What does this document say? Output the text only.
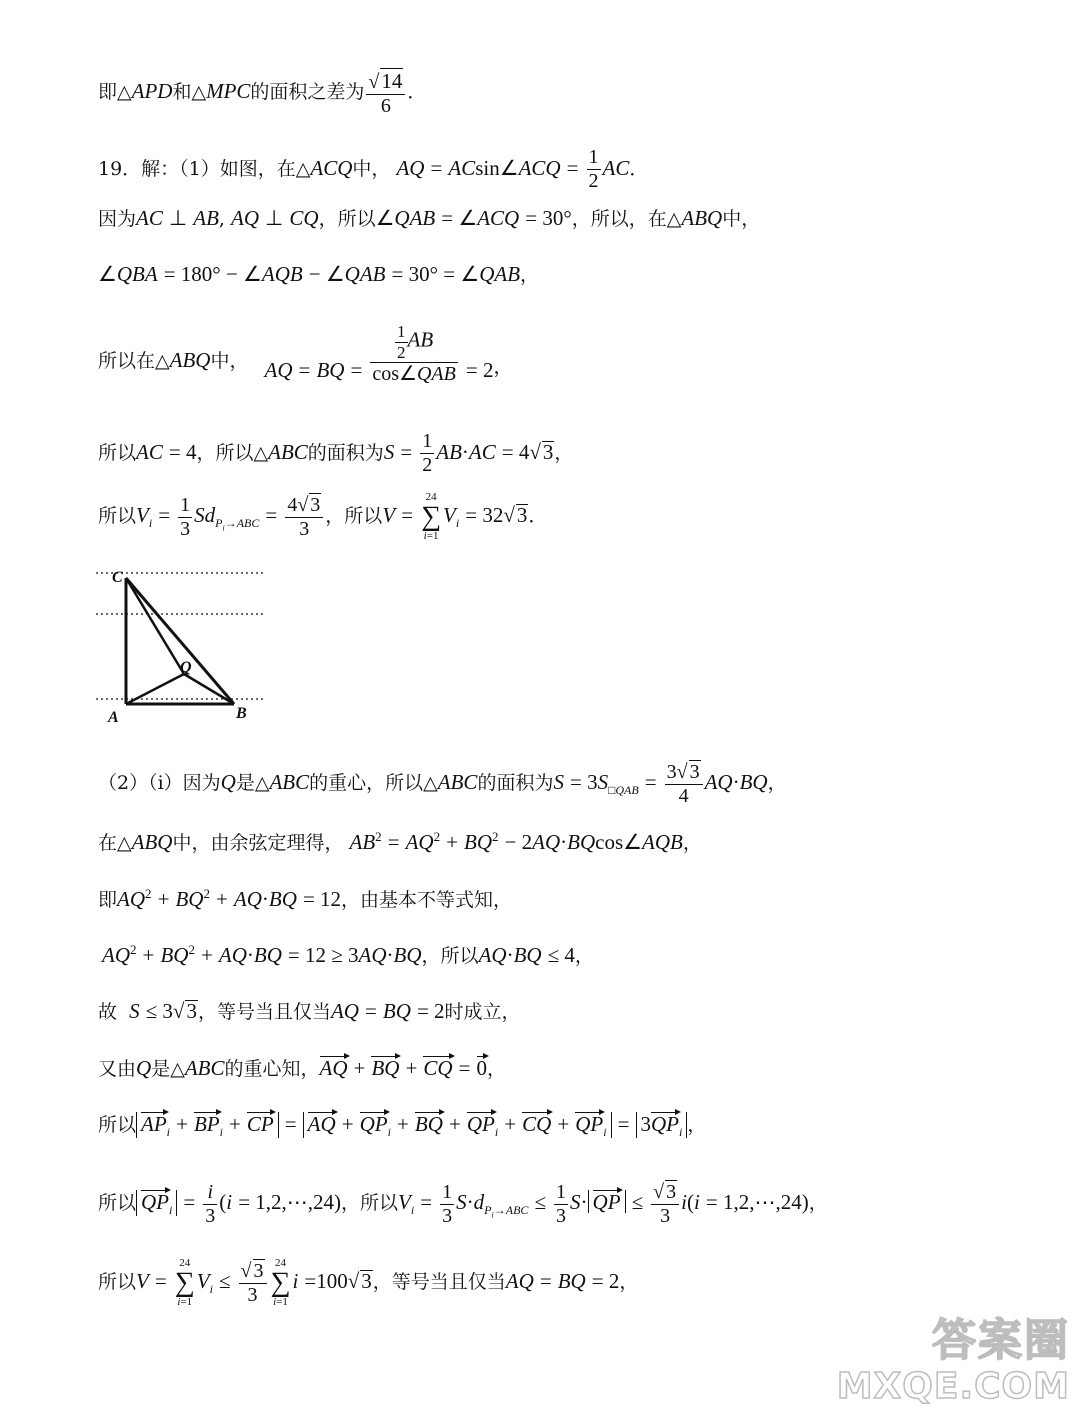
即△APD和△MPC的面积之差为 $\frac{√14}{6}$ ．
19．解：（1）如图，在△ACQ中， AQ = ACsin∠ACQ = $\frac{1}{2}$ AC．
因为AC ⊥ AB, AQ ⊥ CQ，所以∠QAB = ∠ACQ = 30°，所以，在△ABQ中，
∠QBA = 180° − ∠AQB − ∠QAB = 30° = ∠QAB，
所以在△ABQ中， AQ = BQ = $\frac{\frac{1}{2} AB}{\text{cos∠QAB}} = 2$，
所以AC = 4，所以△ABC的面积为$S = \frac{1}{2} AB\cdot AC = 4√3$，
所以$V_i = \frac{1}{3} Sd_{P_i\to ABC} = \frac{4√ 3}{3}$ ，所以V =
24
∑
i=1
$V_i = 32√3$．
C
Q
A	B
（2）（i）因为Q是△ABC的重心，所以△ABC的面积为$S = 3S_{□QAB} = \frac{3√ 3}{4} AQ\cdot BQ$，
在△ABQ中，由余弦定理得， $AB^2 = AQ^2 + BQ^2$ − 2AQ·BQcos∠AQB，
即$AQ^2 + BQ^2 + AQ\cdot BQ = 12$，由基本不等式知，
$AQ^2 + BQ^2 + AQ\cdot BQ = 12 \ge 3AQ\cdot BQ$，所以AQ·BQ ≤ 4，
故  S ≤ 3√3，等号当且仅当AQ = BQ = 2时成立，
又由Q是△ABC的重心知，AQ + BQ + CQ = 0，
所以 $AP_i + BP_i$ + CP = AQ + $QP_i$ + BQ + $QP_i$ + CQ + $QP_i = 3QP_i$ ，
所以 $QP_i = \frac{i}{3} (i$ = 1,2,⋯,24)，所以$V_i = \frac{1}{3} S\cdot d_{P_i\to ABC} \le \frac{1}{3} S\cdot$ QP ≤ $\frac{√ 3}{3} i(i$ = 1,2,⋯,24)，
所以V =
24
∑
i=1
$V_i \le \frac{√ 3}{3} 24$
∑
i=1
i =100√3，等号当且仅当AQ = BQ = 2，
答案圈
MXQE.COM
